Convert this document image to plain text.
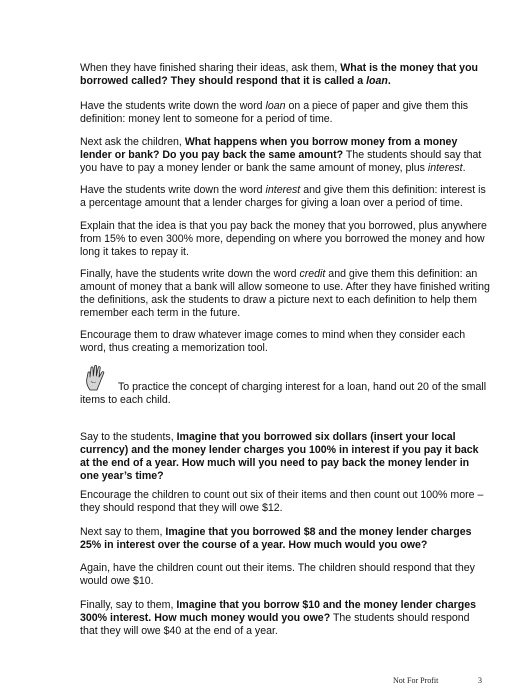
When they have finished sharing their ideas, ask them, What is the money that you borrowed called? They should respond that it is called a loan.

Have the students write down the word loan on a piece of paper and give them this definition: money lent to someone for a period of time.

Next ask the children, What happens when you borrow money from a money lender or bank? Do you pay back the same amount? The students should say that you have to pay a money lender or bank the same amount of money, plus interest.

Have the students write down the word interest and give them this definition: interest is a percentage amount that a lender charges for giving a loan over a period of time.

Explain that the idea is that you pay back the money that you borrowed, plus anywhere from 15% to even 300% more, depending on where you borrowed the money and how long it takes to repay it.

Finally, have the students write down the word credit and give them this definition: an amount of money that a bank will allow someone to use. After they have finished writing the definitions, ask the students to draw a picture next to each definition to help them remember each term in the future.

Encourage them to draw whatever image comes to mind when they consider each word, thus creating a memorization tool.

To practice the concept of charging interest for a loan, hand out 20 of the small items to each child.

Say to the students, Imagine that you borrowed six dollars (insert your local currency) and the money lender charges you 100% in interest if you pay it back at the end of a year. How much will you need to pay back the money lender in one year’s time?

Encourage the children to count out six of their items and then count out 100% more – they should respond that they will owe $12.

Next say to them, Imagine that you borrowed $8 and the money lender charges 25% in interest over the course of a year. How much would you owe?

Again, have the children count out their items. The children should respond that they would owe $10.

Finally, say to them, Imagine that you borrow $10 and the money lender charges 300% interest. How much money would you owe? The students should respond that they will owe $40 at the end of a year.

Not For Profit	3
